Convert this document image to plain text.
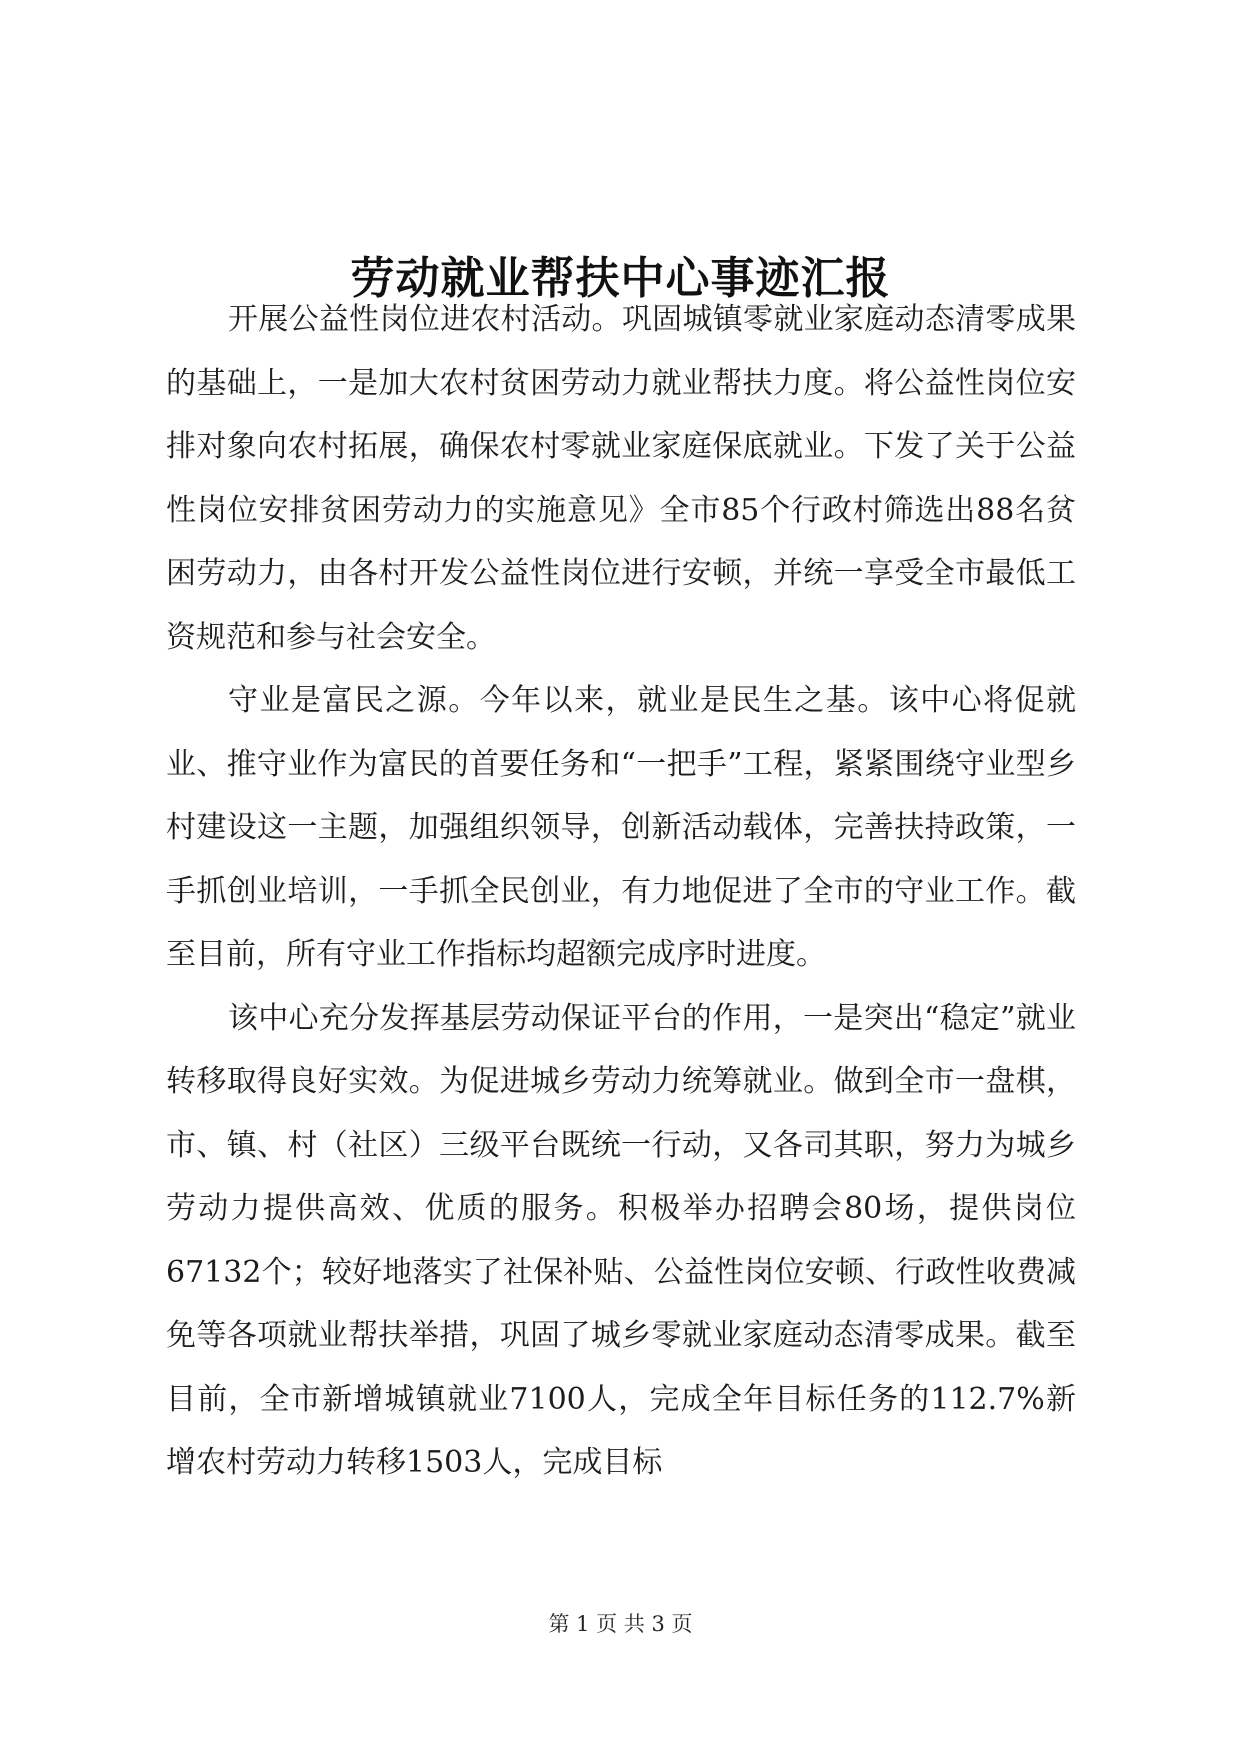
劳动就业帮扶中心事迹汇报

开展公益性岗位进农村活动。巩固城镇零就业家庭动态清零成果的基础上，一是加大农村贫困劳动力就业帮扶力度。将公益性岗位安排对象向农村拓展，确保农村零就业家庭保底就业。下发了关于公益性岗位安排贫困劳动力的实施意见》全市85个行政村筛选出88名贫困劳动力，由各村开发公益性岗位进行安顿，并统一享受全市最低工资规范和参与社会安全。

守业是富民之源。今年以来，就业是民生之基。该中心将促就业、推守业作为富民的首要任务和“一把手”工程，紧紧围绕守业型乡村建设这一主题，加强组织领导，创新活动载体，完善扶持政策，一手抓创业培训，一手抓全民创业，有力地促进了全市的守业工作。截至目前，所有守业工作指标均超额完成序时进度。

该中心充分发挥基层劳动保证平台的作用，一是突出“稳定”就业转移取得良好实效。为促进城乡劳动力统筹就业。做到全市一盘棋，市、镇、村（社区）三级平台既统一行动，又各司其职，努力为城乡劳动力提供高效、优质的服务。积极举办招聘会80场，提供岗位67132个；较好地落实了社保补贴、公益性岗位安顿、行政性收费减免等各项就业帮扶举措，巩固了城乡零就业家庭动态清零成果。截至目前，全市新增城镇就业7100人，完成全年目标任务的112.7%新增农村劳动力转移1503人，完成目标

第 1 页 共 3 页
